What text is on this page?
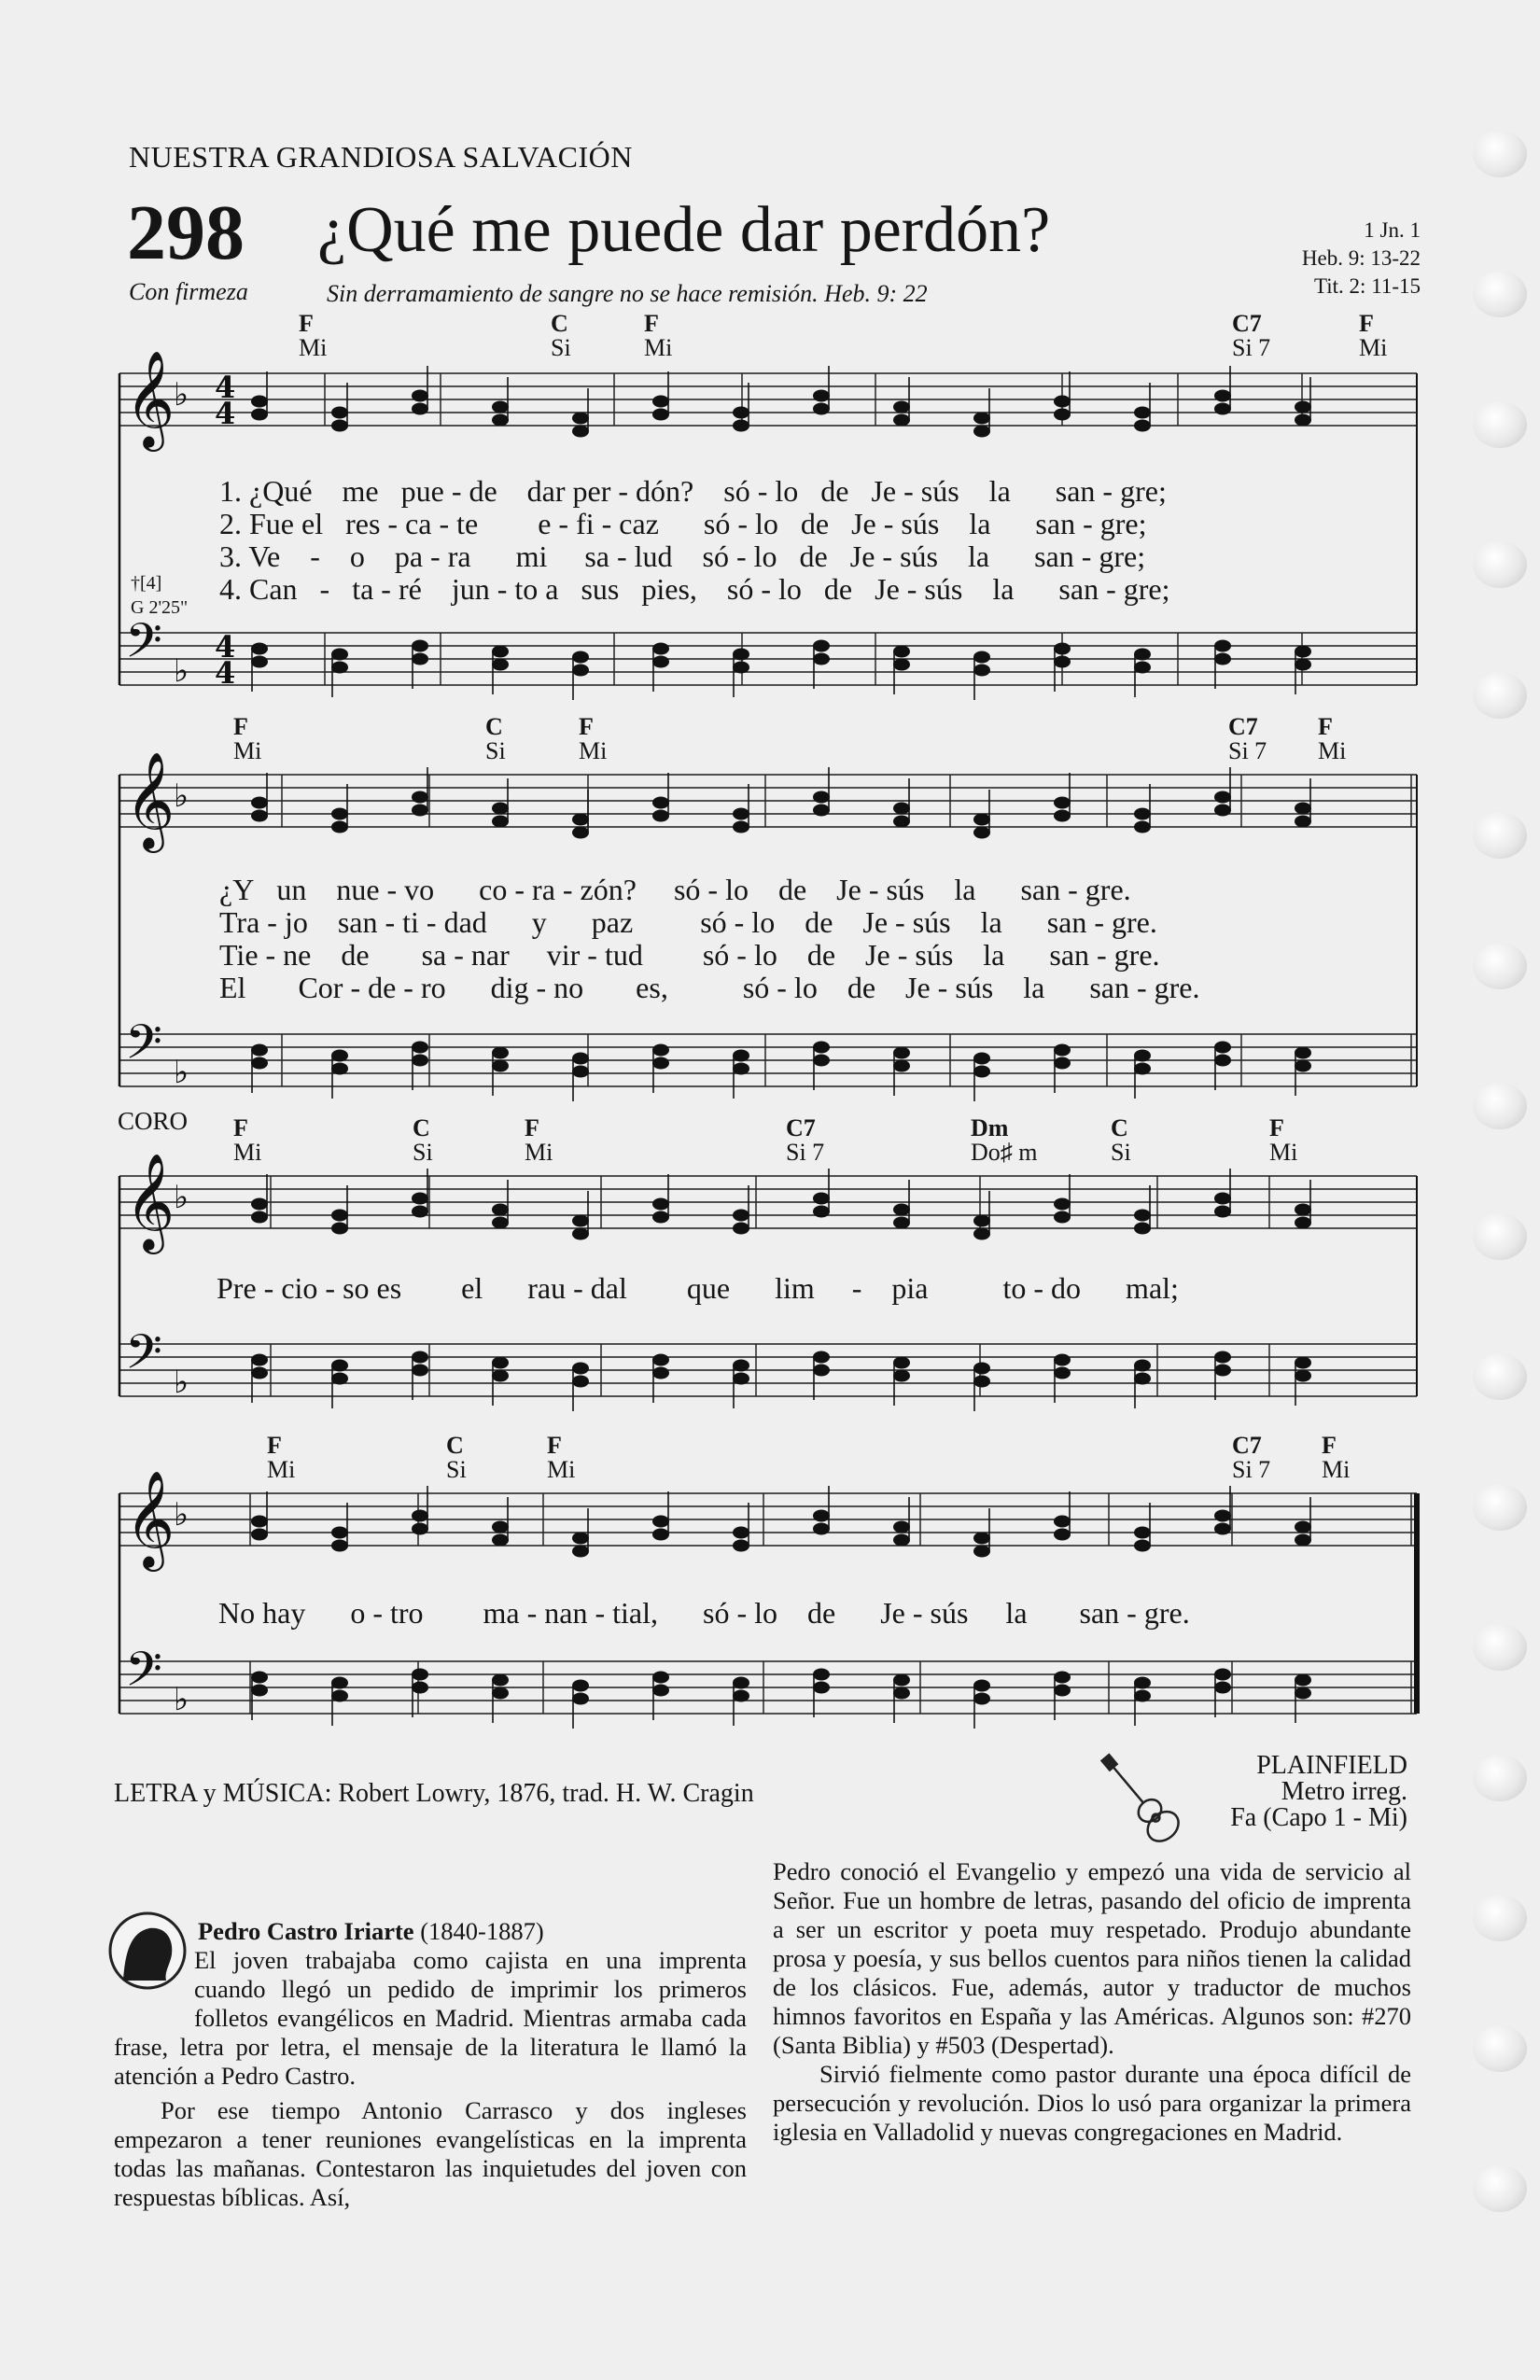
NUESTRA GRANDIOSA SALVACIÓN
298 ¿Qué me puede dar perdón?
Con firmeza	Sin derramamiento de sangre no se hace remisión. Heb. 9: 22
1 Jn. 1
Heb. 9: 13-22
Tit. 2: 11-15
𝄞
♭
𝄢 ♭
𝄞
♭
𝄢 ♭
𝄞
♭
𝄢 ♭
𝄞
♭
𝄢 ♭
4
4
4
4
F
Mi
C
Si
F
Mi
C7
Si 7
F
Mi
1. ¿Qué me pue - de dar per - dón? só - lo de Je - sús la san - gre;
2. Fue el res - ca - te e - fi - caz só - lo de Je - sús la san - gre;
3. Ve - o pa - ra mi sa - lud só - lo de Je - sús la san - gre;
4. Can - ta - ré jun - to a sus pies, só - lo de Je - sús la san - gre;
†[4]
G 2'25"
F
Mi
C
Si
F
Mi
C7
Si 7
F
Mi
¿Y un nue - vo co - ra - zón? só - lo de Je - sús la san - gre.
Tra - jo san - ti - dad y paz só - lo de Je - sús la san - gre.
Tie - ne de sa - nar vir - tud só - lo de Je - sús la san - gre.
El Cor - de - ro dig - no es,	só - lo de Je - sús la san - gre.
CORO F
Mi
C
Si
F
Mi
C7
Si 7
Dm
Do♯ m
C
Si
F
Mi
Pre - cio - so es el rau - dal que lim - pia	to - do mal;
F
Mi
C
Si
F
Mi
C7
Si 7
F
Mi
No hay o - tro ma - nan - tial, só - lo de Je - sús la san - gre.
LETRA y MÚSICA: Robert Lowry, 1876, trad. H. W. Cragin
PLAINFIELD
Metro irreg.
Fa (Capo 1 - Mi)
Pedro Castro Iriarte (1840-1887)

El joven trabajaba como cajista en una imprenta cuando llegó un pedido de imprimir los primeros folletos evangélicos en Madrid. Mientras armaba cada frase, letra por letra, el mensaje de la literatura le llamó la atención a Pedro Castro.

Por ese tiempo Antonio Carrasco y dos ingleses empezaron a tener reuniones evangelísticas en la imprenta todas las mañanas. Contestaron las inquietudes del joven con respuestas bíblicas. Así,

Pedro conoció el Evangelio y empezó una vida de servicio al Señor. Fue un hombre de letras, pasando del oficio de imprenta a ser un escritor y poeta muy respetado. Produjo abundante prosa y poesía, y sus bellos cuentos para niños tienen la calidad de los clásicos. Fue, además, autor y traductor de muchos himnos favoritos en España y las Américas. Algunos son: #270 (Santa Biblia) y #503 (Despertad).

Sirvió fielmente como pastor durante una época difícil de persecución y revolución. Dios lo usó para organizar la primera iglesia en Valladolid y nuevas congregaciones en Madrid.
